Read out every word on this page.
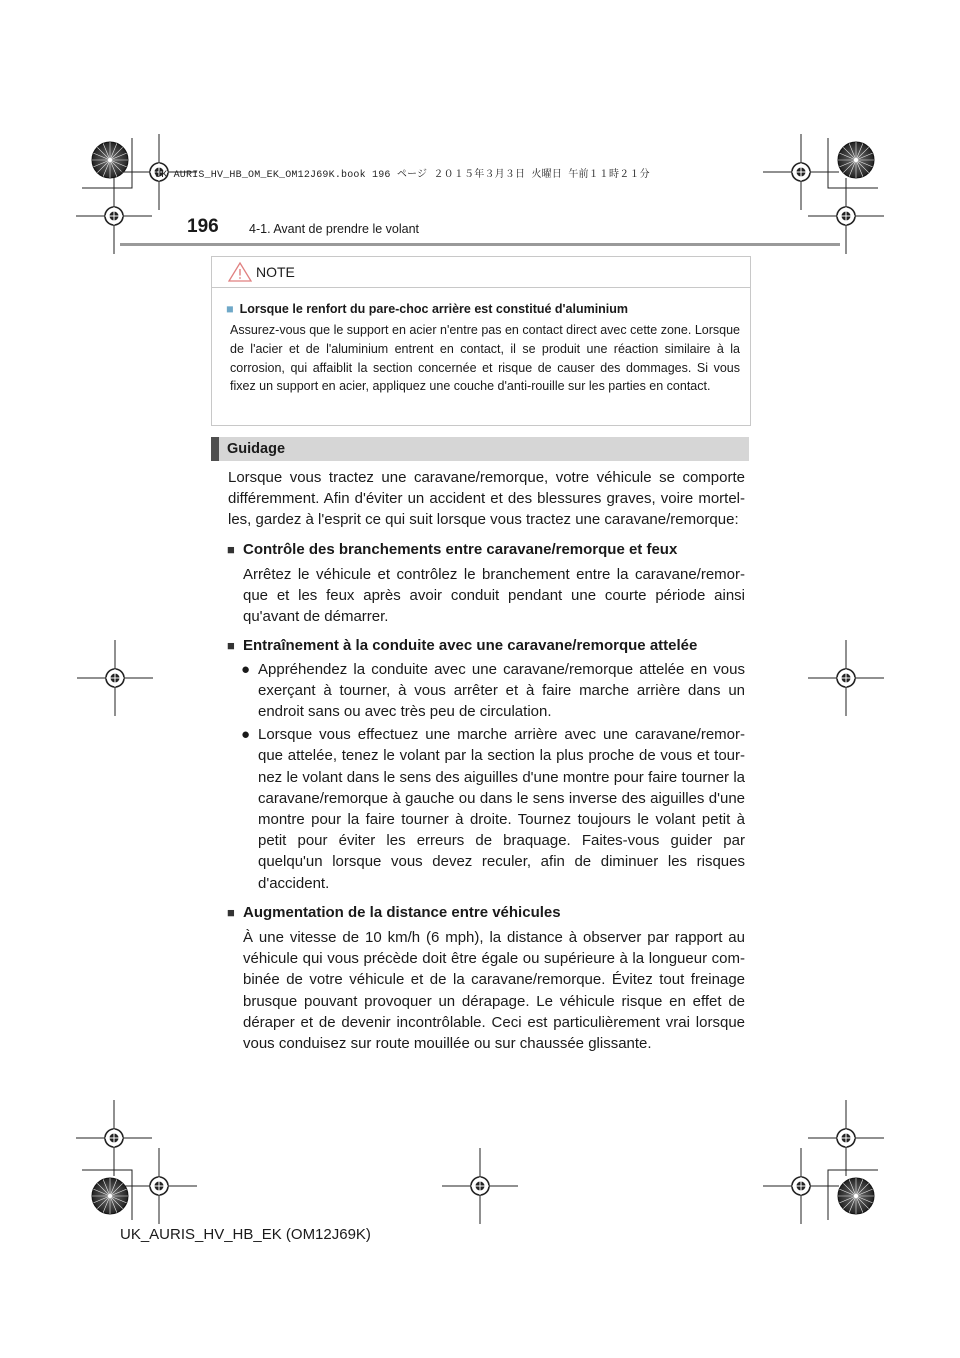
UK AURIS_HV_HB_OM_EK_OM12J69K.book 196 ページ ２０１５年３月３日 火曜日 午前１１時２１分
196 4-1. Avant de prendre le volant
NOTE
■ Lorsque le renfort du pare-choc arrière est constitué d'aluminium
Assurez-vous que le support en acier n'entre pas en contact direct avec cette zone. Lorsque de l'acier et de l'aluminium entrent en contact, il se produit une réaction similaire à la corrosion, qui affaiblit la section concernée et risque de causer des dommages. Si vous fixez un support en acier, appliquez une couche d'anti-rouille sur les parties en contact.
Guidage

Lorsque vous tractez une caravane/remorque, votre véhicule se comporte différemment. Afin d'éviter un accident et des blessures graves, voire mortel-les, gardez à l'esprit ce qui suit lorsque vous tractez une caravane/remorque:

■ Contrôle des branchements entre caravane/remorque et feux

Arrêtez le véhicule et contrôlez le branchement entre la caravane/remor-que et les feux après avoir conduit pendant une courte période ainsi qu'avant de démarrer.

■ Entraînement à la conduite avec une caravane/remorque attelée

● Appréhendez la conduite avec une caravane/remorque attelée en vous exerçant à tourner, à vous arrêter et à faire marche arrière dans un endroit sans ou avec très peu de circulation.

● Lorsque vous effectuez une marche arrière avec une caravane/remor-que attelée, tenez le volant par la section la plus proche de vous et tour-nez le volant dans le sens des aiguilles d'une montre pour faire tourner la caravane/remorque à gauche ou dans le sens inverse des aiguilles d'une montre pour la faire tourner à droite. Tournez toujours le volant petit à petit pour éviter les erreurs de braquage. Faites-vous guider par quelqu'un lorsque vous devez reculer, afin de diminuer les risques d'accident.

■ Augmentation de la distance entre véhicules

À une vitesse de 10 km/h (6 mph), la distance à observer par rapport au véhicule qui vous précède doit être égale ou supérieure à la longueur com-binée de votre véhicule et de la caravane/remorque. Évitez tout freinage brusque pouvant provoquer un dérapage. Le véhicule risque en effet de déraper et de devenir incontrôlable. Ceci est particulièrement vrai lorsque vous conduisez sur route mouillée ou sur chaussée glissante.

UK_AURIS_HV_HB_EK (OM12J69K)
